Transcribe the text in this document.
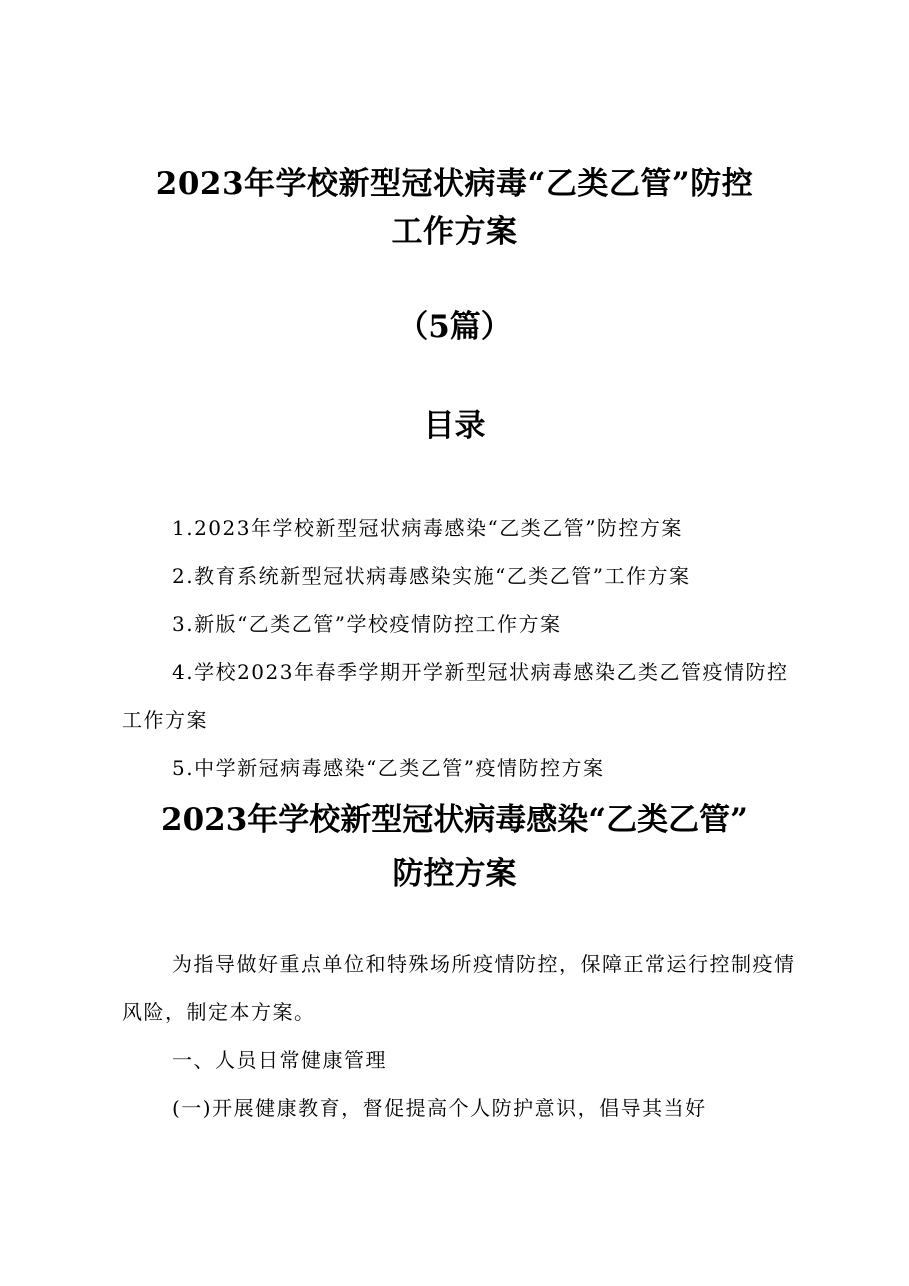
2023年学校新型冠状病毒“乙类乙管”防控
工作方案
（5篇）
目录
1.2023年学校新型冠状病毒感染“乙类乙管”防控方案
2.教育系统新型冠状病毒感染实施“乙类乙管”工作方案
3.新版“乙类乙管”学校疫情防控工作方案
4.学校2023年春季学期开学新型冠状病毒感染乙类乙管疫情防控工作方案
5.中学新冠病毒感染“乙类乙管”疫情防控方案
2023年学校新型冠状病毒感染“乙类乙管”
防控方案

为指导做好重点单位和特殊场所疫情防控，保障正常运行控制疫情风险，制定本方案。

一、人员日常健康管理

(一)开展健康教育，督促提高个人防护意识，倡导其当好
